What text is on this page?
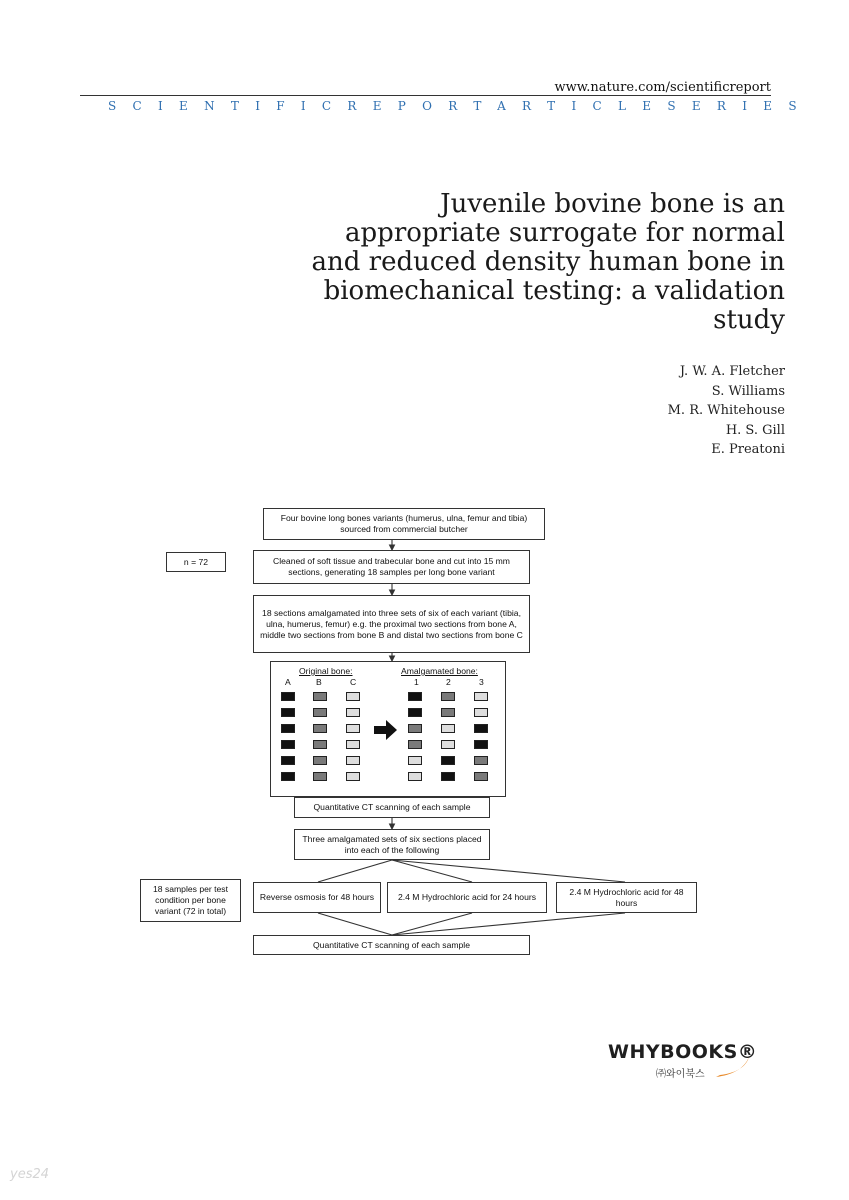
www.nature.com/scientificreport
SCIENTIFICREPORTARTICLESERIES
Juvenile bovine bone is an
appropriate surrogate for normal
and reduced density human bone in
biomechanical testing: a validation
study
J. W. A. Fletcher
S. Williams
M. R. Whitehouse
H. S. Gill
E. Preatoni
Four bovine long bones variants (humerus, ulna, femur and tibia) sourced from commercial butcher
n = 72	Cleaned of soft tissue and trabecular bone and cut into 15 mm sections, generating 18 samples per long bone variant
18 sections amalgamated into three sets of six of each variant (tibia, ulna, humerus, femur) e.g. the proximal two sections from bone A, middle two sections from bone B and distal two sections from bone C
Original bone:	Amalgamated bone:
A	B	C	1	2	3
Quantitative CT scanning of each sample
Three amalgamated sets of six sections placed into each of the following
18 samples per test condition per bone variant (72 in total)
Reverse osmosis for 48 hours	2.4 M Hydrochloric acid for 24 hours
2.4 M Hydrochloric acid for 48 hours
Quantitative CT scanning of each sample
WHYBOOKS®
㈜와이북스
yes24
